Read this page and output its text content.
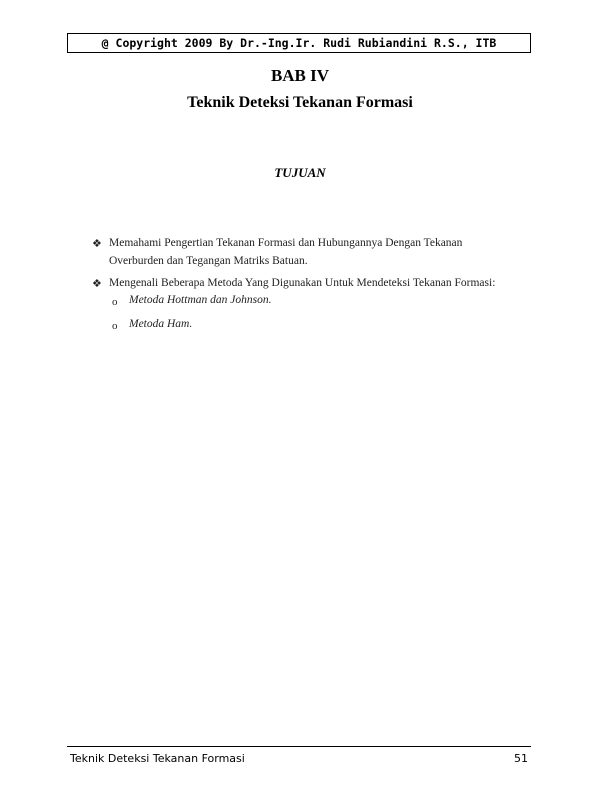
@ Copyright 2009 By Dr.-Ing.Ir. Rudi Rubiandini R.S., ITB
BAB IV
Teknik Deteksi Tekanan Formasi
TUJUAN
❖ Memahami Pengertian Tekanan Formasi dan Hubungannya Dengan Tekanan
Overburden dan Tegangan Matriks Batuan.
❖ Mengenali Beberapa Metoda Yang Digunakan Untuk Mendeteksi Tekanan Formasi:
o Metoda Hottman dan Johnson.
o Metoda Ham.
Teknik Deteksi Tekanan Formasi	51
